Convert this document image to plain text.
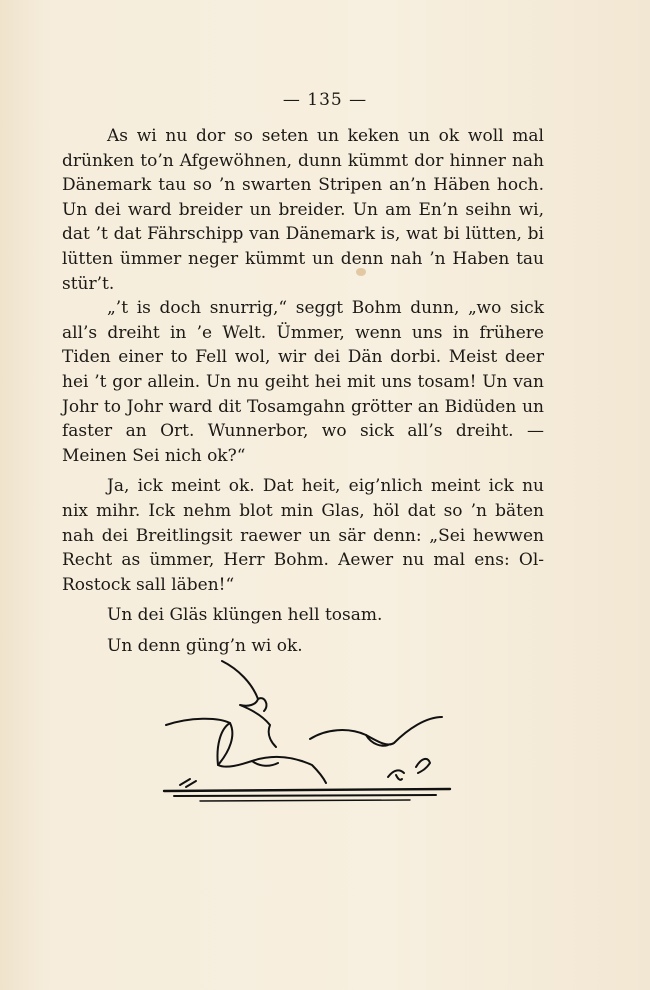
— 135 —

As wi nu dor so seten un keken un ok woll mal drünken to’n Afgewöhnen, dunn kümmt dor hinner nah Dänemark tau so ’n swarten Stripen an’n Häben hoch. Un dei ward breider un breider. Un am En’n seihn wi, dat ’t dat Fährschipp van Dänemark is, wat bi lütten, bi lütten ümmer neger kümmt un denn nah ’n Haben tau stür’t.

„’t is doch snurrig,“ seggt Bohm dunn, „wo sick all’s dreiht in ’e Welt. Ümmer, wenn uns in frühere Tiden einer to Fell wol, wir dei Dän dorbi. Meist deer hei ’t gor allein. Un nu geiht hei mit uns tosam! Un van Johr to Johr ward dit Tosamgahn grötter an Bidüden un faster an Ort. Wunnerbor, wo sick all’s dreiht. — Meinen Sei nich ok?“

Ja, ick meint ok. Dat heit, eig’nlich meint ick nu nix mihr. Ick nehm blot min Glas, höl dat so ’n bäten nah dei Breitlingsit raewer un sär denn: „Sei hewwen Recht as ümmer, Herr Bohm. Aewer nu mal ens: Ol-Rostock sall läben!“

Un dei Gläs klüngen hell tosam.

Un denn güng’n wi ok.
